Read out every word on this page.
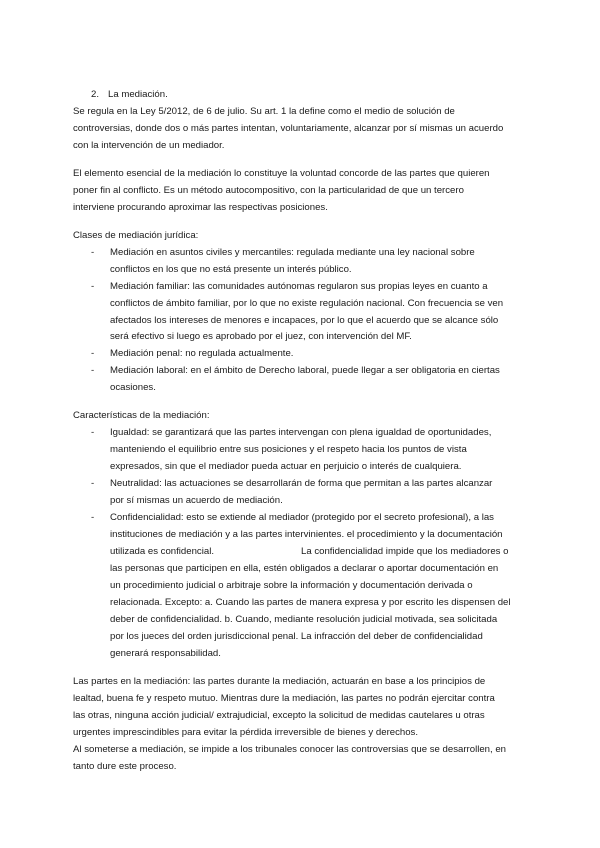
2. La mediación.
Se regula en la Ley 5/2012, de 6 de julio. Su art. 1 la define como el medio de solución de
controversias, donde dos o más partes intentan, voluntariamente, alcanzar por sí mismas un acuerdo
con la intervención de un mediador.
El elemento esencial de la mediación lo constituye la voluntad concorde de las partes que quieren
poner fin al conflicto. Es un método autocompositivo, con la particularidad de que un tercero
interviene procurando aproximar las respectivas posiciones.
Clases de mediación jurídica:
- Mediación en asuntos civiles y mercantiles: regulada mediante una ley nacional sobre
conflictos en los que no está presente un interés público.
- Mediación familiar: las comunidades autónomas regularon sus propias leyes en cuanto a
conflictos de ámbito familiar, por lo que no existe regulación nacional. Con frecuencia se ven
afectados los intereses de menores e incapaces, por lo que el acuerdo que se alcance sólo
será efectivo si luego es aprobado por el juez, con intervención del MF.
- Mediación penal: no regulada actualmente.
- Mediación laboral: en el ámbito de Derecho laboral, puede llegar a ser obligatoria en ciertas
ocasiones.
Características de la mediación:
- Igualdad: se garantizará que las partes intervengan con plena igualdad de oportunidades,
manteniendo el equilibrio entre sus posiciones y el respeto hacia los puntos de vista
expresados, sin que el mediador pueda actuar en perjuicio o interés de cualquiera.
- Neutralidad: las actuaciones se desarrollarán de forma que permitan a las partes alcanzar
por sí mismas un acuerdo de mediación.
- Confidencialidad: esto se extiende al mediador (protegido por el secreto profesional), a las
instituciones de mediación y a las partes intervinientes. el procedimiento y la documentación
utilizada es confidencial.	La confidencialidad impide que los mediadores o
las personas que participen en ella, estén obligados a declarar o aportar documentación en
un procedimiento judicial o arbitraje sobre la información y documentación derivada o
relacionada. Excepto: a. Cuando las partes de manera expresa y por escrito les dispensen del
deber de confidencialidad. b. Cuando, mediante resolución judicial motivada, sea solicitada
por los jueces del orden jurisdiccional penal. La infracción del deber de confidencialidad
generará responsabilidad.
Las partes en la mediación: las partes durante la mediación, actuarán en base a los principios de
lealtad, buena fe y respeto mutuo. Mientras dure la mediación, las partes no podrán ejercitar contra
las otras, ninguna acción judicial/ extrajudicial, excepto la solicitud de medidas cautelares u otras
urgentes imprescindibles para evitar la pérdida irreversible de bienes y derechos.
Al someterse a mediación, se impide a los tribunales conocer las controversias que se desarrollen, en
tanto dure este proceso.
